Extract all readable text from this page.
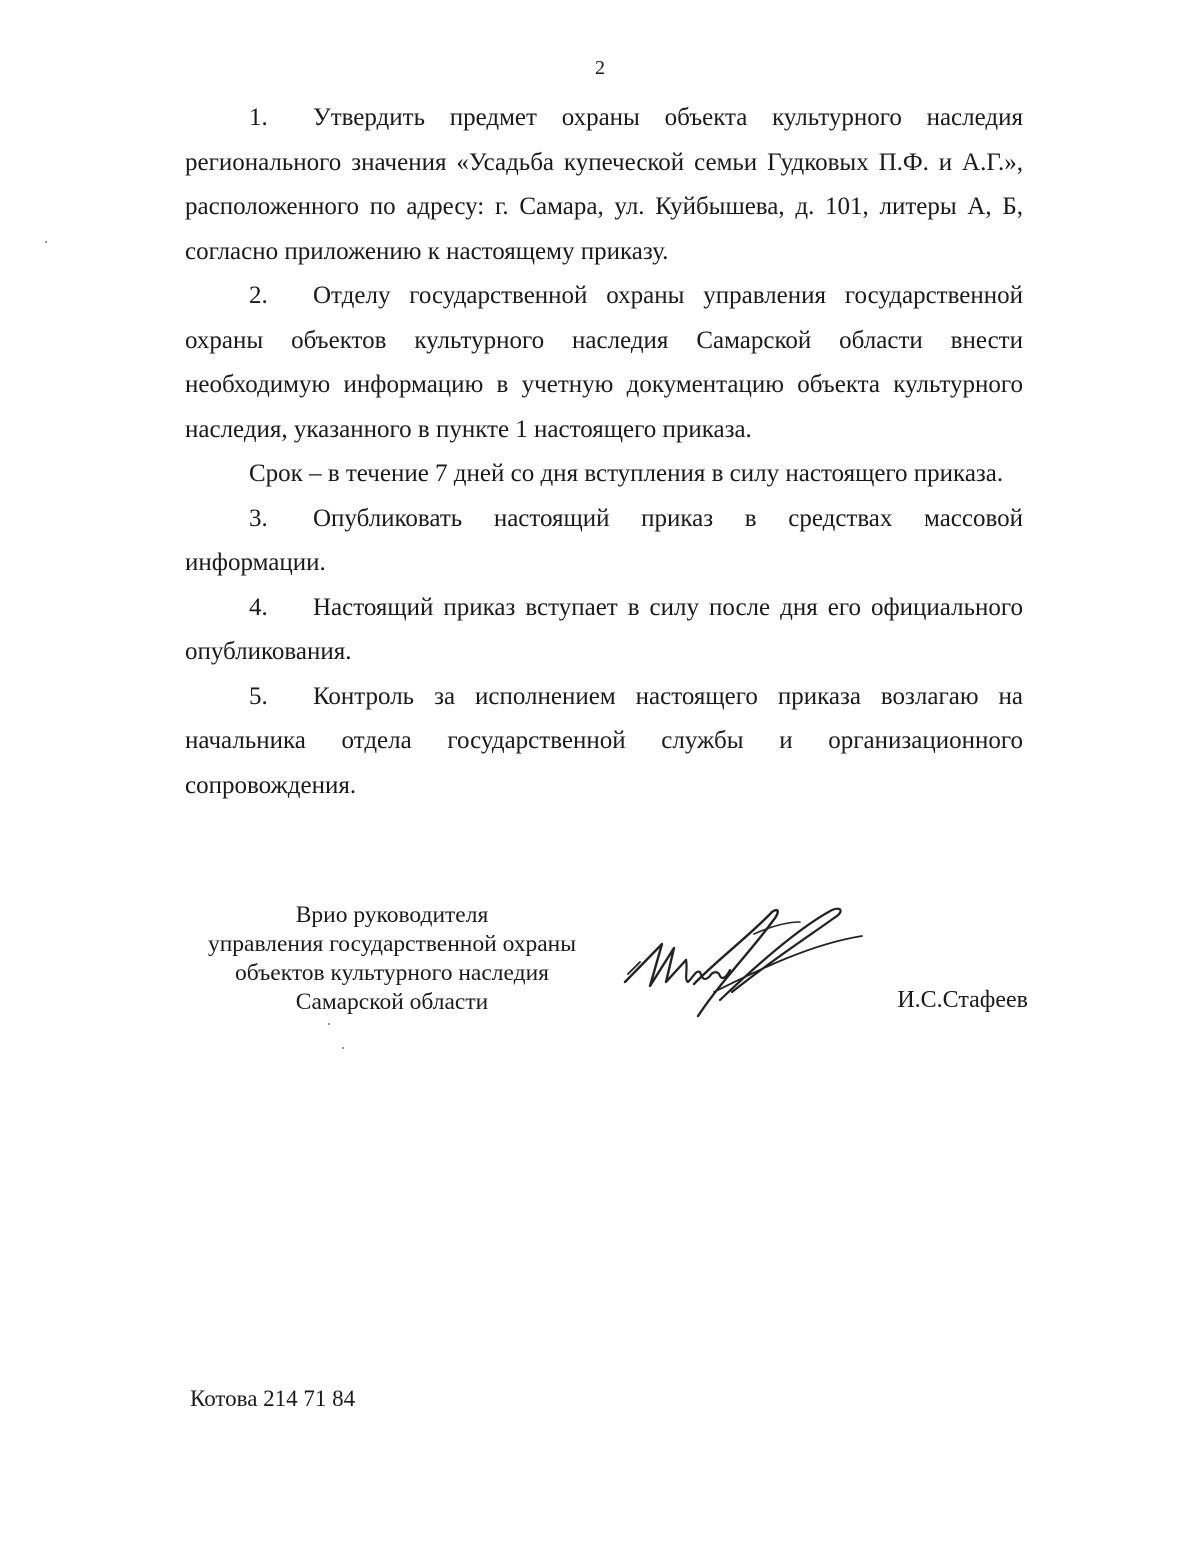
2

1. Утвердить предмет охраны объекта культурного наследия регионального значения «Усадьба купеческой семьи Гудковых П.Ф. и А.Г.», расположенного по адресу: г. Самара, ул. Куйбышева, д. 101, литеры А, Б, согласно приложению к настоящему приказу.

2. Отделу государственной охраны управления государственной охраны объектов культурного наследия Самарской области внести необходимую информацию в учетную документацию объекта культурного наследия, указанного в пункте 1 настоящего приказа.

Срок – в течение 7 дней со дня вступления в силу настоящего приказа.

3. Опубликовать настоящий приказ в средствах массовой информации.

4. Настоящий приказ вступает в силу после дня его официального опубликования.

5. Контроль за исполнением настоящего приказа возлагаю на начальника отдела государственной службы и организационного сопровождения.

Врио руководителя
управления государственной охраны
объектов культурного наследия
Самарской области	И.С.Стафеев
Котова 214 71 84
